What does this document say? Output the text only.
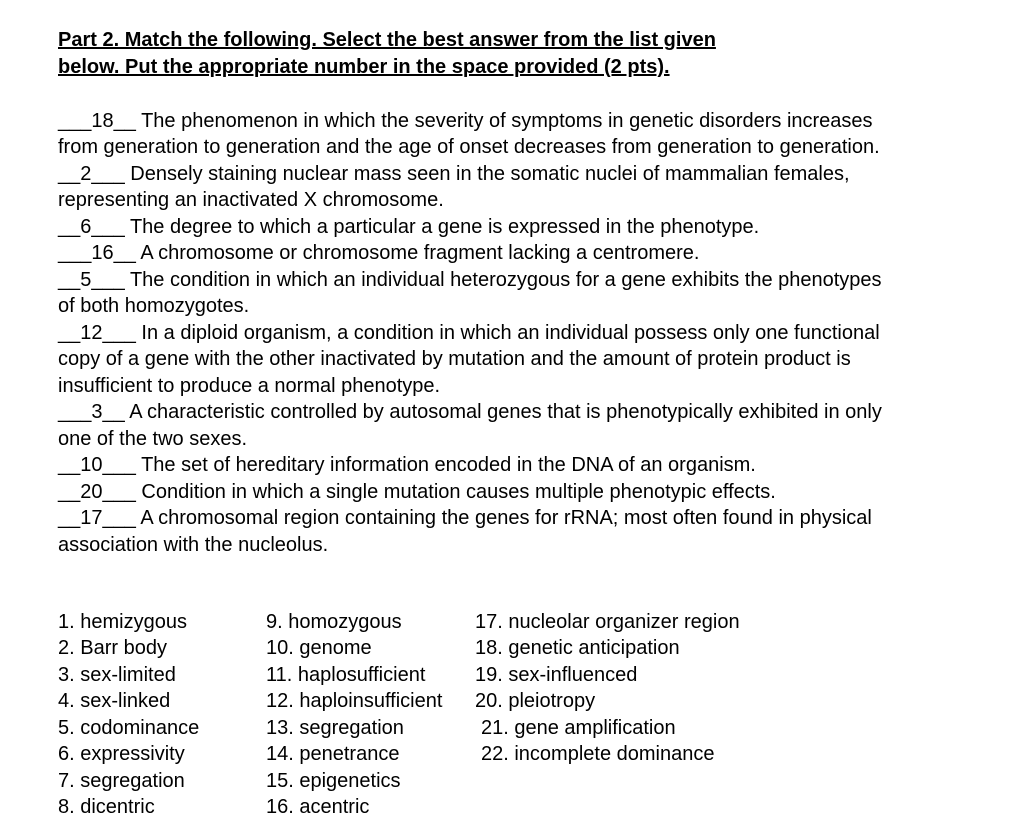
Part 2. Match the following. Select the best answer from the list given
below. Put the appropriate number in the space provided (2 pts).
___18__ The phenomenon in which the severity of symptoms in genetic disorders increases from generation to generation and the age of onset decreases from generation to generation.
__2___ Densely staining nuclear mass seen in the somatic nuclei of mammalian females, representing an inactivated X chromosome.
__6___ The degree to which a particular a gene is expressed in the phenotype.
___16__ A chromosome or chromosome fragment lacking a centromere.
__5___ The condition in which an individual heterozygous for a gene exhibits the phenotypes of both homozygotes.
__12___ In a diploid organism, a condition in which an individual possess only one functional copy of a gene with the other inactivated by mutation and the amount of protein product is insufficient to produce a normal phenotype.
___3__ A characteristic controlled by autosomal genes that is phenotypically exhibited in only one of the two sexes.
__10___ The set of hereditary information encoded in the DNA of an organism.
__20___ Condition in which a single mutation causes multiple phenotypic effects.
__17___ A chromosomal region containing the genes for rRNA; most often found in physical association with the nucleolus.
1. hemizygous
2. Barr body
3. sex-limited
4. sex-linked
5. codominance
6. expressivity
7. segregation
8. dicentric
9. homozygous
10. genome
11. haplosufficient
12. haploinsufficient
13. segregation
14. penetrance
15. epigenetics
16. acentric
17. nucleolar organizer region
18. genetic anticipation
19. sex-influenced
20. pleiotropy
21. gene amplification
22. incomplete dominance
